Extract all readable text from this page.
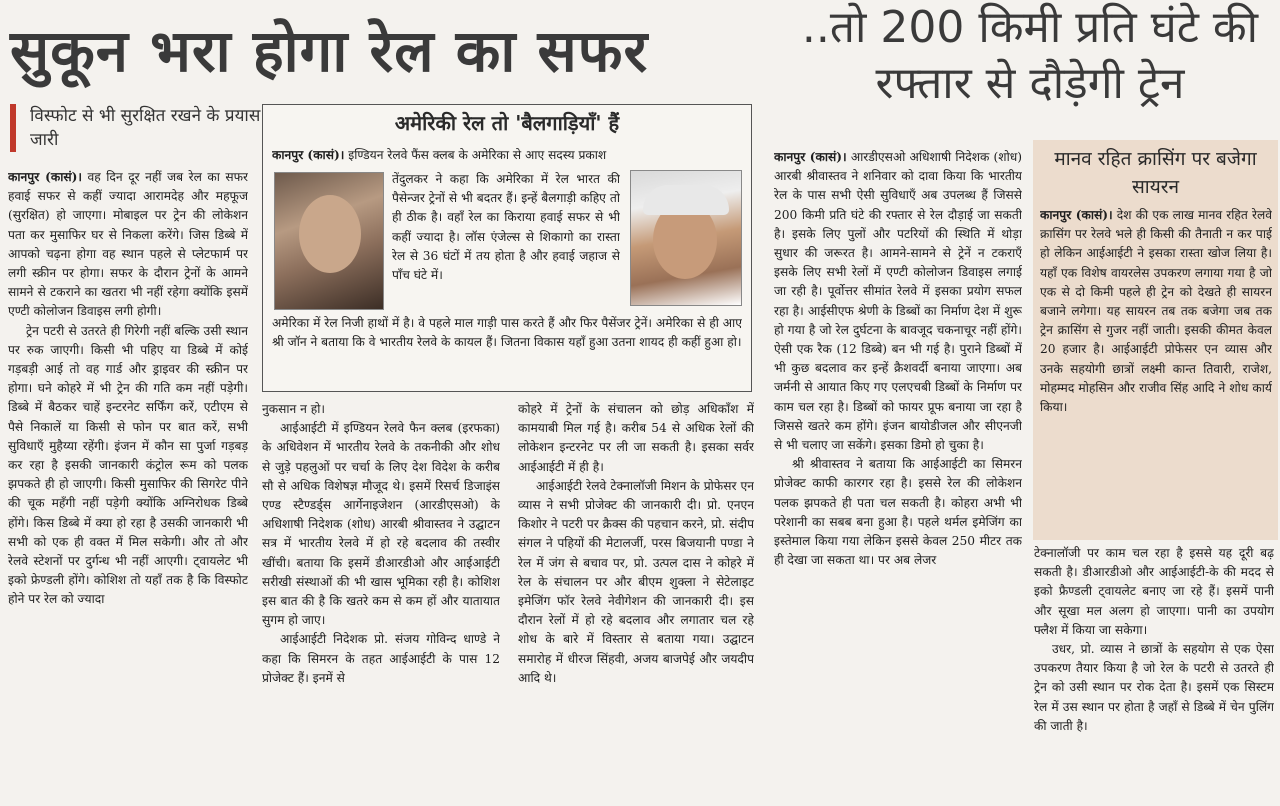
सुकून भरा होगा रेल का सफर	..तो 200 किमी प्रति घंटे की रफ्तार से दौड़ेगी ट्रेन
विस्फोट से भी सुरक्षित रखने के प्रयास जारी

कानपुर (कासं)। वह दिन दूर नहीं जब रेल का सफर हवाई सफर से कहीं ज्यादा आरामदेह और महफूज (सुरक्षित) हो जाएगा। मोबाइल पर ट्रेन की लोकेशन पता कर मुसाफिर घर से निकला करेंगे। जिस डिब्बे में आपको चढ़ना होगा वह स्थान पहले से प्लेटफार्म पर लगी स्क्रीन पर होगा। सफर के दौरान ट्रेनों के आमने सामने से टकराने का खतरा भी नहीं रहेगा क्योंकि इसमें एण्टी कोलोजन डिवाइस लगी होगी।

ट्रेन पटरी से उतरते ही गिरेगी नहीं बल्कि उसी स्थान पर रुक जाएगी। किसी भी पहिए या डिब्बे में कोई गड़बड़ी आई तो वह गार्ड और ड्राइवर की स्क्रीन पर होगा। घने कोहरे में भी ट्रेन की गति कम नहीं पड़ेगी। डिब्बे में बैठकर चाहें इन्टरनेट सर्फिंग करें, एटीएम से पैसे निकालें या किसी से फोन पर बात करें, सभी सुविधाएँ मुहैय्या रहेंगी। इंजन में कौन सा पुर्जा गड़बड़ कर रहा है इसकी जानकारी कंट्रोल रूम को पलक झपकते ही हो जाएगी। किसी मुसाफिर की सिगरेट पीने की चूक महँगी नहीं पड़ेगी क्योंकि अग्निरोधक डिब्बे होंगे। किस डिब्बे में क्या हो रहा है उसकी जानकारी भी सभी को एक ही वक्त में मिल सकेगी। और तो और रेलवे स्टेशनों पर दुर्गन्ध भी नहीं आएगी। ट्वायलेट भी इको फ्रेण्डली होंगे। कोशिश तो यहाँ तक है कि विस्फोट होने पर रेल को ज्यादा

अमेरिकी रेल तो 'बैलगाड़ियाँ' हैं

कानपुर (कासं)। इण्डियन रेलवे फैंस क्लब के अमेरिका से आए सदस्य प्रकाश

तेंदुलकर ने कहा कि अमेरिका में रेल भारत की पैसेन्जर ट्रेनों से भी बदतर हैं। इन्हें बैलगाड़ी कहिए तो ही ठीक है। वहाँ रेल का किराया हवाई सफर से भी कहीं ज्यादा है। लॉस एंजेल्स से शिकागो का रास्ता रेल से 36 घंटों में तय होता है और हवाई जहाज से पाँच घंटे में।
अमेरिका में रेल निजी हाथों में है। वे पहले माल गाड़ी पास करते हैं और फिर पैसेंजर ट्रेनें। अमेरिका से ही आए श्री जॉन ने बताया कि वे भारतीय रेलवे के कायल हैं। जितना विकास यहाँ हुआ उतना शायद ही कहीं हुआ हो।

नुकसान न हो।

आईआईटी में इण्डियन रेलवे फैन क्लब (इरफका) के अधिवेशन में भारतीय रेलवे के तकनीकी और शोध से जुड़े पहलुओं पर चर्चा के लिए देश विदेश के करीब सौ से अधिक विशेषज्ञ मौजूद थे। इसमें रिसर्च डिजाइंस एण्ड स्टैण्डर्ड्स आर्गेनाइजेशन (आरडीएसओ) के अधिशाषी निदेशक (शोध) आरबी श्रीवास्तव ने उद्घाटन सत्र में भारतीय रेलवे में हो रहे बदलाव की तस्वीर खींची। बताया कि इसमें डीआरडीओ और आईआईटी सरीखी संस्थाओं की भी खास भूमिका रही है। कोशिश इस बात की है कि खतरे कम से कम हों और यातायात सुगम हो जाए।

आईआईटी निदेशक प्रो. संजय गोविन्द धाण्डे ने कहा कि सिमरन के तहत आईआईटी के पास 12 प्रोजेक्ट हैं। इनमें से

कोहरे में ट्रेनों के संचालन को छोड़ अधिकाँश में कामयाबी मिल गई है। करीब 54 से अधिक रेलों की लोकेशन इन्टरनेट पर ली जा सकती है। इसका सर्वर आईआईटी में ही है।

आईआईटी रेलवे टेक्नालॉजी मिशन के प्रोफेसर एन व्यास ने सभी प्रोजेक्ट की जानकारी दी। प्रो. एनएन किशोर ने पटरी पर क्रैक्स की पहचान करने, प्रो. संदीप संगल ने पहियों की मेटालर्जी, परस बिजयानी पण्डा ने रेल में जंग से बचाव पर, प्रो. उत्पल दास ने कोहरे में रेल के संचालन पर और बीएम शुक्ला ने सेटेलाइट इमेजिंग फॉर रेलवे नेवीगेशन की जानकारी दी। इस दौरान रेलों में हो रहे बदलाव और लगातार चल रहे शोध के बारे में विस्तार से बताया गया। उद्घाटन समारोह में धीरज सिंहवी, अजय बाजपेई और जयदीप आदि थे।

कानपुर (कासं)। आरडीएसओ अधिशाषी निदेशक (शोध) आरबी श्रीवास्तव ने शनिवार को दावा किया कि भारतीय रेल के पास सभी ऐसी सुविधाएँ अब उपलब्ध हैं जिससे 200 किमी प्रति घंटे की रफ्तार से रेल दौड़ाई जा सकती है। इसके लिए पुलों और पटरियों की स्थिति में थोड़ा सुधार की जरूरत है। आमने-सामने से ट्रेनें न टकराएँ इसके लिए सभी रेलों में एण्टी कोलोजन डिवाइस लगाई जा रही है। पूर्वोत्तर सीमांत रेलवे में इसका प्रयोग सफल रहा है। आईसीएफ श्रेणी के डिब्बों का निर्माण देश में शुरू हो गया है जो रेल दुर्घटना के बावजूद चकनाचूर नहीं होंगे। ऐसी एक रैक (12 डिब्बे) बन भी गई है। पुराने डिब्बों में भी कुछ बदलाव कर इन्हें क्रैशवर्दी बनाया जाएगा। अब जर्मनी से आयात किए गए एलएचबी डिब्बों के निर्माण पर काम चल रहा है। डिब्बों को फायर प्रूफ बनाया जा रहा है जिससे खतरे कम होंगे। इंजन बायोडीजल और सीएनजी से भी चलाए जा सकेंगे। इसका डिमो हो चुका है।

श्री श्रीवास्तव ने बताया कि आईआईटी का सिमरन प्रोजेक्ट काफी कारगर रहा है। इससे रेल की लोकेशन पलक झपकते ही पता चल सकती है। कोहरा अभी भी परेशानी का सबब बना हुआ है। पहले थर्मल इमेजिंग का इस्तेमाल किया गया लेकिन इससे केवल 250 मीटर तक ही देखा जा सकता था। पर अब लेजर

मानव रहित क्रासिंग पर बजेगा सायरन

कानपुर (कासं)। देश की एक लाख मानव रहित रेलवे क्रासिंग पर रेलवे भले ही किसी की तैनाती न कर पाई हो लेकिन आईआईटी ने इसका रास्ता खोज लिया है। यहाँ एक विशेष वायरलेस उपकरण लगाया गया है जो एक से दो किमी पहले ही ट्रेन को देखते ही सायरन बजाने लगेगा। यह सायरन तब तक बजेगा जब तक ट्रेन क्रासिंग से गुजर नहीं जाती। इसकी कीमत केवल 20 हजार है। आईआईटी प्रोफेसर एन व्यास और उनके सहयोगी छात्रों लक्ष्मी कान्त तिवारी, राजेश, मोहम्मद मोहसिन और राजीव सिंह आदि ने शोध कार्य किया।

टेक्नालॉजी पर काम चल रहा है इससे यह दूरी बढ़ सकती है। डीआरडीओ और आईआईटी-के की मदद से इको फ्रैण्डली ट्वायलेट बनाए जा रहे हैं। इसमें पानी और सूखा मल अलग हो जाएगा। पानी का उपयोग फ्लैश में किया जा सकेगा।

उधर, प्रो. व्यास ने छात्रों के सहयोग से एक ऐसा उपकरण तैयार किया है जो रेल के पटरी से उतरते ही ट्रेन को उसी स्थान पर रोक देता है। इसमें एक सिस्टम रेल में उस स्थान पर होता है जहाँ से डिब्बे में चेन पुलिंग की जाती है।
